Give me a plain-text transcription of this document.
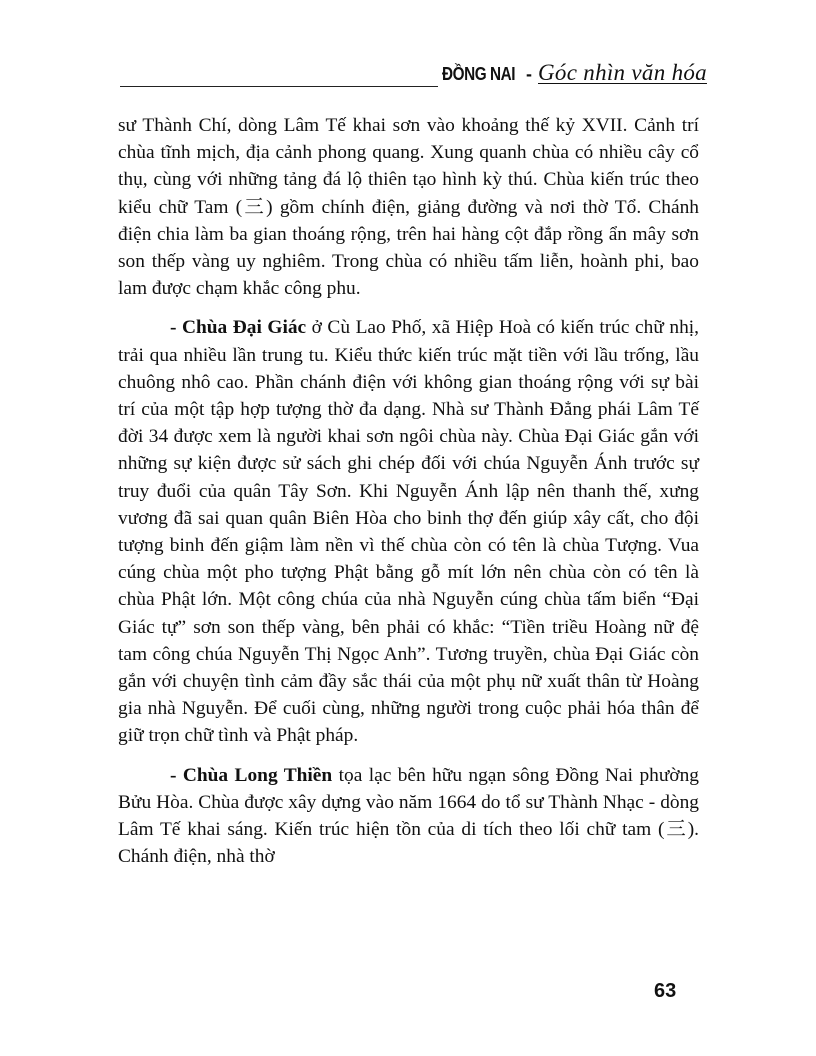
ĐỒNG NAI - Góc nhìn văn hóa

sư Thành Chí, dòng Lâm Tế khai sơn vào khoảng thế kỷ XVII. Cảnh trí chùa tĩnh mịch, địa cảnh phong quang. Xung quanh chùa có nhiều cây cổ thụ, cùng với những tảng đá lộ thiên tạo hình kỳ thú. Chùa kiến trúc theo kiểu chữ Tam (三) gồm chính điện, giảng đường và nơi thờ Tổ. Chánh điện chia làm ba gian thoáng rộng, trên hai hàng cột đắp rồng ẩn mây sơn son thếp vàng uy nghiêm. Trong chùa có nhiều tấm liễn, hoành phi, bao lam được chạm khắc công phu.

- Chùa Đại Giác ở Cù Lao Phố, xã Hiệp Hoà có kiến trúc chữ nhị, trải qua nhiều lần trung tu. Kiểu thức kiến trúc mặt tiền với lầu trống, lầu chuông nhô cao. Phần chánh điện với không gian thoáng rộng với sự bài trí của một tập hợp tượng thờ đa dạng. Nhà sư Thành Đẳng phái Lâm Tế đời 34 được xem là người khai sơn ngôi chùa này. Chùa Đại Giác gắn với những sự kiện được sử sách ghi chép đối với chúa Nguyễn Ánh trước sự truy đuổi của quân Tây Sơn. Khi Nguyễn Ánh lập nên thanh thế, xưng vương đã sai quan quân Biên Hòa cho binh thợ đến giúp xây cất, cho đội tượng binh đến giậm làm nền vì thế chùa còn có tên là chùa Tượng. Vua cúng chùa một pho tượng Phật bằng gỗ mít lớn nên chùa còn có tên là chùa Phật lớn. Một công chúa của nhà Nguyễn cúng chùa tấm biển “Đại Giác tự” sơn son thếp vàng, bên phải có khắc: “Tiền triều Hoàng nữ đệ tam công chúa Nguyễn Thị Ngọc Anh”. Tương truyền, chùa Đại Giác còn gắn với chuyện tình cảm đầy sắc thái của một phụ nữ xuất thân từ Hoàng gia nhà Nguyễn. Để cuối cùng, những người trong cuộc phải hóa thân để giữ trọn chữ tình và Phật pháp.

- Chùa Long Thiền tọa lạc bên hữu ngạn sông Đồng Nai phường Bửu Hòa. Chùa được xây dựng vào năm 1664 do tổ sư Thành Nhạc - dòng Lâm Tế khai sáng. Kiến trúc hiện tồn của di tích theo lối chữ tam (三). Chánh điện, nhà thờ

63
